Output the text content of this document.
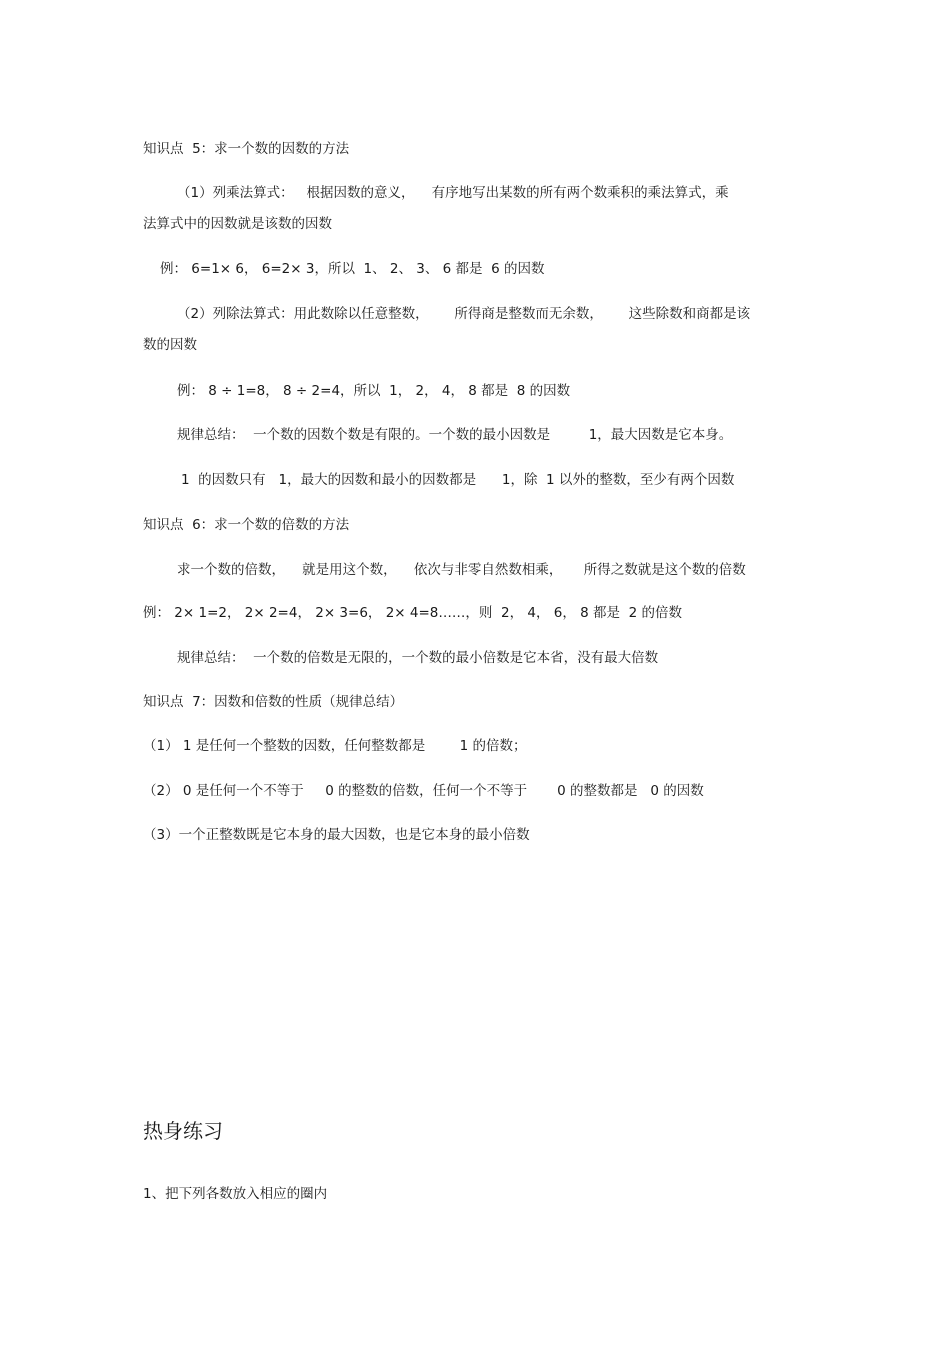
知识点  5：求一个数的因数的方法
（1）列乘法算式：   根据因数的意义，    有序地写出某数的所有两个数乘积的乘法算式，乘
法算式中的因数就是该数的因数
例： 6=1× 6， 6=2× 3，所以  1、 2、 3、 6 都是  6 的因数
（2）列除法算式：用此数除以任意整数，      所得商是整数而无余数，      这些除数和商都是该
数的因数
例： 8 ÷ 1=8， 8 ÷ 2=4，所以  1， 2， 4， 8 都是  8 的因数
规律总结：  一个数的因数个数是有限的。一个数的最小因数是         1，最大因数是它本身。
1  的因数只有   1，最大的因数和最小的因数都是      1，除  1 以外的整数，至少有两个因数
知识点  6：求一个数的倍数的方法
求一个数的倍数，    就是用这个数，    依次与非零自然数相乘，     所得之数就是这个数的倍数
例： 2× 1=2， 2× 2=4， 2× 3=6， 2× 4=8……，则  2， 4， 6， 8 都是  2 的倍数
规律总结：  一个数的倍数是无限的，一个数的最小倍数是它本省，没有最大倍数
知识点  7：因数和倍数的性质（规律总结）
（1） 1 是任何一个整数的因数，任何整数都是        1 的倍数；
（2） 0 是任何一个不等于     0 的整数的倍数，任何一个不等于       0 的整数都是   0 的因数
（3）一个正整数既是它本身的最大因数，也是它本身的最小倍数
热身练习
1、把下列各数放入相应的圈内
